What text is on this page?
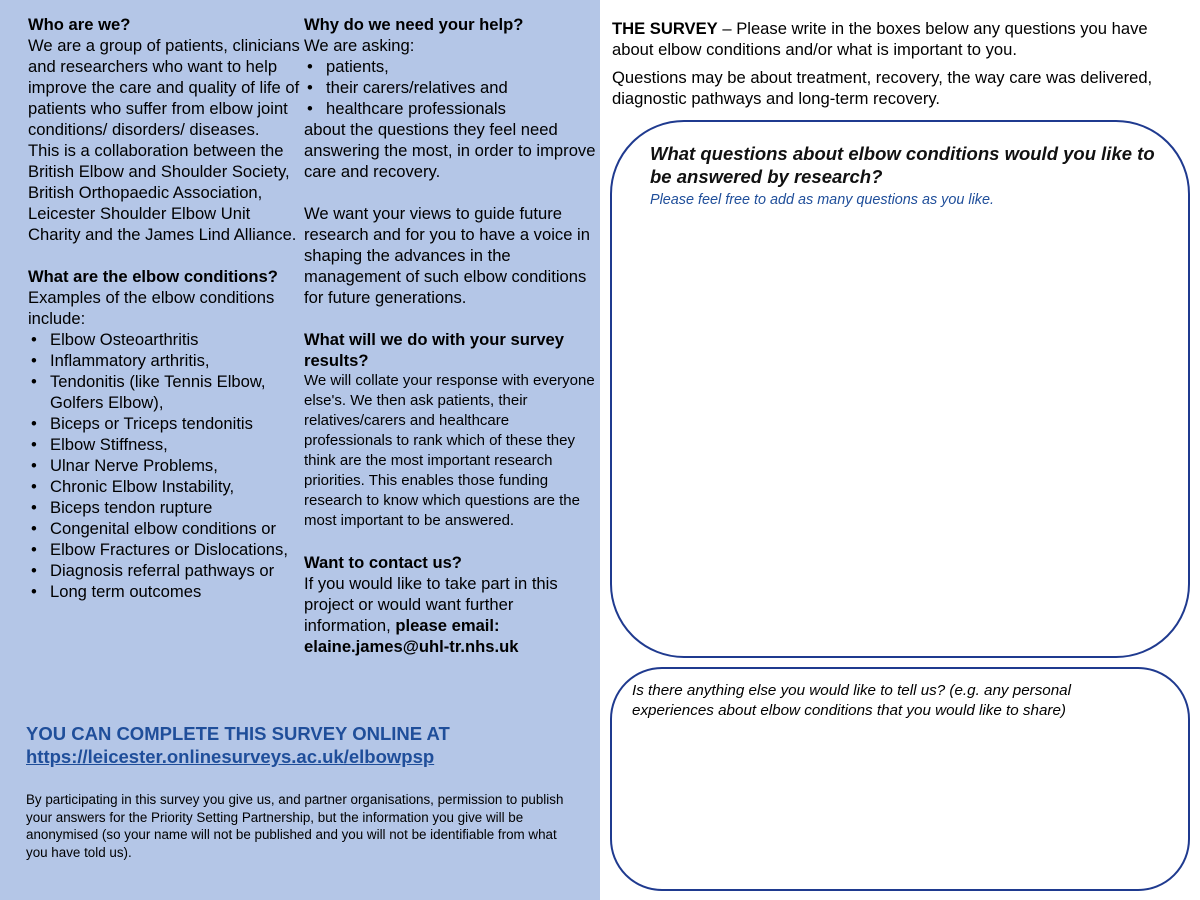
Who are we?

We are a group of patients, clinicians and researchers who want to help improve the care and quality of life of patients who suffer from elbow joint conditions/ disorders/ diseases.

This is a collaboration between the British Elbow and Shoulder Society, British Orthopaedic Association, Leicester Shoulder Elbow Unit Charity and the James Lind Alliance.

What are the elbow conditions?

Examples of the elbow conditions include:

• Elbow Osteoarthritis
• Inflammatory arthritis,
• Tendonitis (like Tennis Elbow,
Golfers Elbow),
• Biceps or Triceps tendonitis
• Elbow Stiffness,
• Ulnar Nerve Problems,
• Chronic Elbow Instability,
• Biceps tendon rupture
• Congenital elbow conditions or
• Elbow Fractures or Dislocations,
• Diagnosis referral pathways or
• Long term outcomes
Why do we need your help?

We are asking:

• patients,
• their carers/relatives and
• healthcare professionals

about the questions they feel need answering the most, in order to improve care and recovery.

We want your views to guide future research and for you to have a voice in shaping the advances in the management of such elbow conditions for future generations.

What will we do with your survey results?

We will collate your response with everyone else's. We then ask patients, their relatives/carers and healthcare professionals to rank which of these they think are the most important research priorities. This enables those funding research to know which questions are the most important to be answered.

Want to contact us?

If you would like to take part in this project or would want further information, please email:

elaine.james@uhl-tr.nhs.uk

YOU CAN COMPLETE THIS SURVEY ONLINE AT
https://leicester.onlinesurveys.ac.uk/elbowpsp
By participating in this survey you give us, and partner organisations, permission to publish your answers for the Priority Setting Partnership, but the information you give will be anonymised (so your name will not be published and you will not be identifiable from what you have told us).

THE SURVEY – Please write in the boxes below any questions you have about elbow conditions and/or what is important to you.

Questions may be about treatment, recovery, the way care was delivered, diagnostic pathways and long-term recovery.

What questions about elbow conditions would you like to be answered by research?
Please feel free to add as many questions as you like.
Is there anything else you would like to tell us? (e.g. any personal experiences about elbow conditions that you would like to share)
